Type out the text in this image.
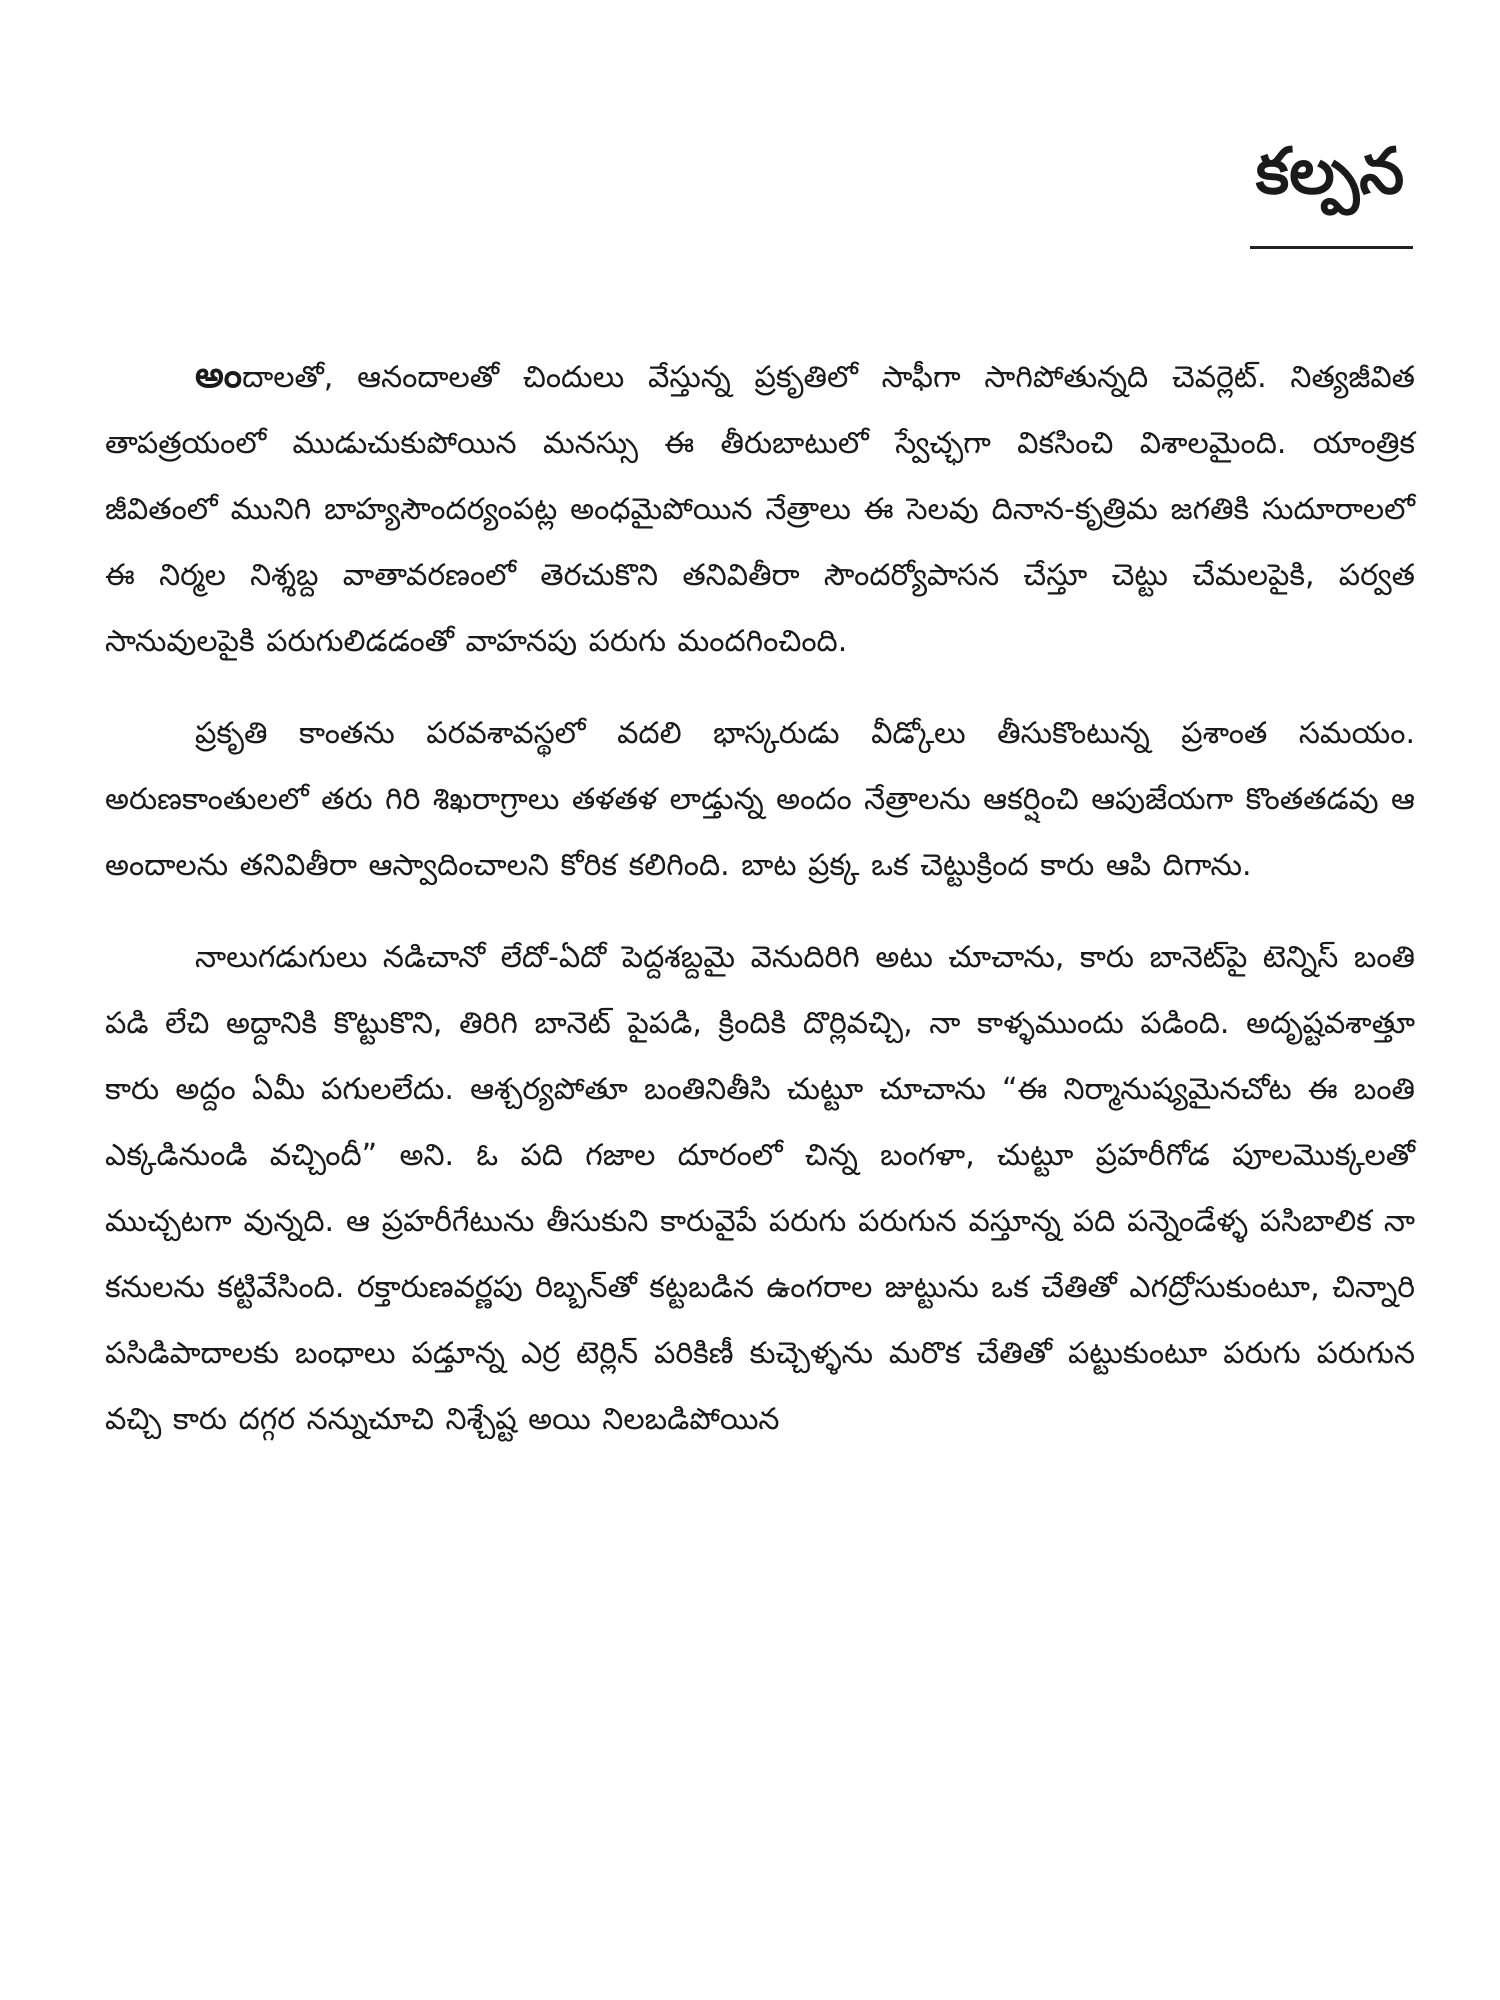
కల్పన

అందాలతో, ఆనందాలతో చిందులు వేస్తున్న ప్రకృతిలో సాఫీగా సాగిపోతున్నది చెవర్లెట్. నిత్యజీవిత తాపత్రయంలో ముడుచుకుపోయిన మనస్సు ఈ తీరుబాటులో స్వేచ్ఛగా వికసించి విశాలమైంది. యాంత్రిక జీవితంలో మునిగి బాహ్యసౌందర్యంపట్ల అంధమైపోయిన నేత్రాలు ఈ సెలవు దినాన-కృత్రిమ జగతికి సుదూరాలలో ఈ నిర్మల నిశ్శబ్ద వాతావరణంలో తెరచుకొని తనివితీరా సౌందర్యోపాసన చేస్తూ చెట్టు చేమలపైకి, పర్వత సానువులపైకి పరుగులిడడంతో వాహనపు పరుగు మందగించింది.

ప్రకృతి కాంతను పరవశావస్థలో వదలి భాస్కరుడు వీడ్కోలు తీసుకొంటున్న ప్రశాంత సమయం. అరుణకాంతులలో తరు గిరి శిఖరాగ్రాలు తళతళ లాడ్తున్న అందం నేత్రాలను ఆకర్షించి ఆపుజేయగా కొంతతడవు ఆ అందాలను తనివితీరా ఆస్వాదించాలని కోరిక కలిగింది. బాట ప్రక్క ఒక చెట్టుక్రింద కారు ఆపి దిగాను.

నాలుగడుగులు నడిచానో లేదో-ఏదో పెద్దశబ్దమై వెనుదిరిగి అటు చూచాను, కారు బానెట్‌పై టెన్నిస్ బంతి పడి లేచి అద్దానికి కొట్టుకొని, తిరిగి బానెట్ పైపడి, క్రిందికి దొర్లివచ్చి, నా కాళ్ళముందు పడింది. అదృష్టవశాత్తూ కారు అద్దం ఏమీ పగులలేదు. ఆశ్చర్యపోతూ బంతినితీసి చుట్టూ చూచాను “ఈ నిర్మానుష్యమైనచోట ఈ బంతి ఎక్కడినుండి వచ్చిందీ” అని. ఓ పది గజాల దూరంలో చిన్న బంగళా, చుట్టూ ప్రహరీగోడ పూలమొక్కలతో ముచ్చటగా వున్నది. ఆ ప్రహరీగేటును తీసుకుని కారువైపే పరుగు పరుగున వస్తూన్న పది పన్నెండేళ్ళ పసిబాలిక నా కనులను కట్టివేసింది. రక్తారుణవర్ణపు రిబ్బన్‌తో కట్టబడిన ఉంగరాల జుట్టును ఒక చేతితో ఎగద్రోసుకుంటూ, చిన్నారి పసిడిపాదాలకు బంధాలు పడ్తూన్న ఎర్ర టెర్లిన్ పరికిణీ కుచ్చెళ్ళను మరొక చేతితో పట్టుకుంటూ పరుగు పరుగున వచ్చి కారు దగ్గర నన్నుచూచి నిశ్చేష్ట అయి నిలబడిపోయిన
